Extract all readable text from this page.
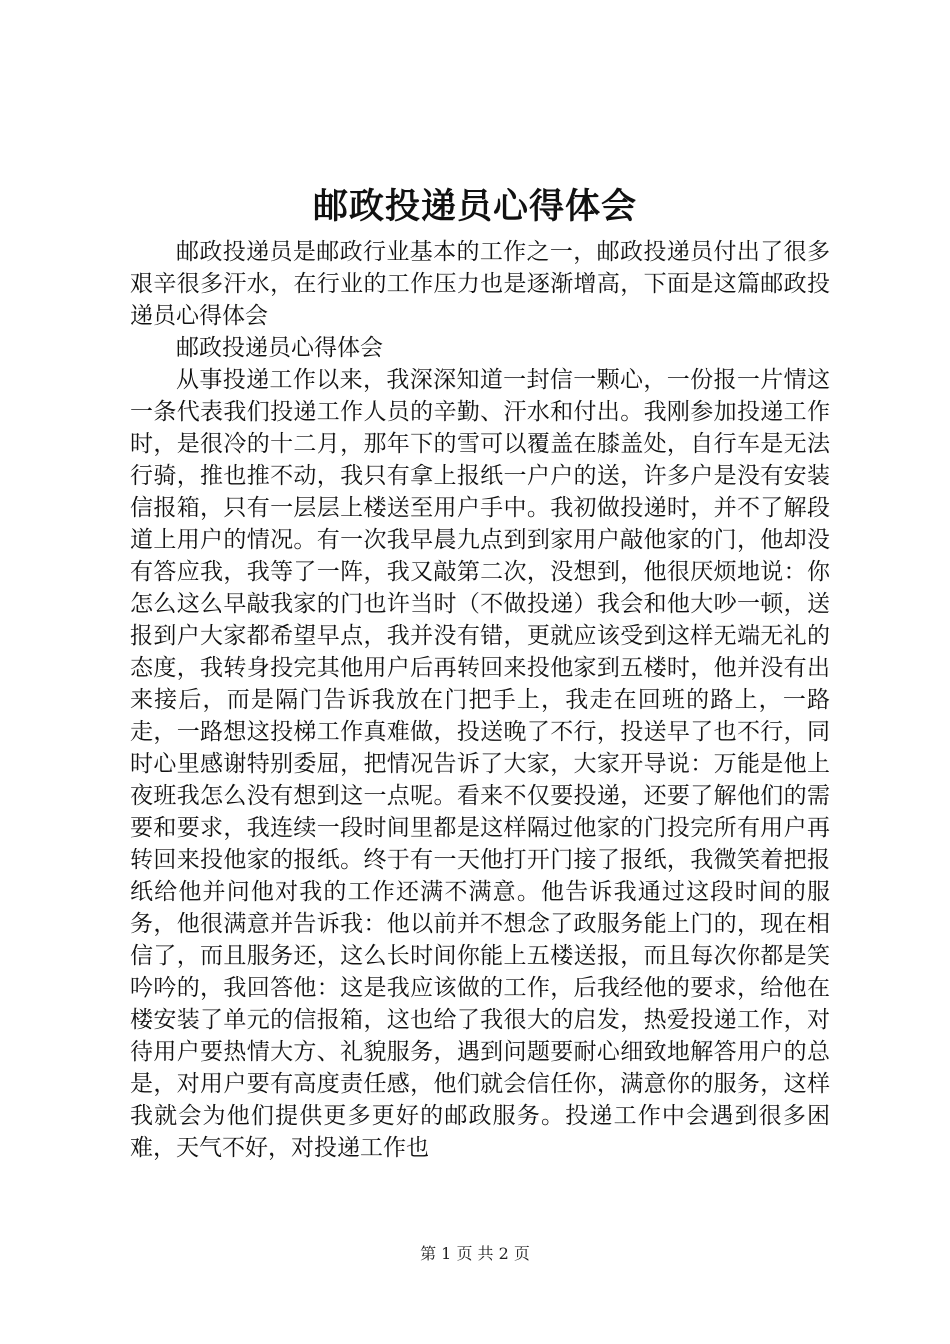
邮政投递员心得体会

邮政投递员是邮政行业基本的工作之一，邮政投递员付出了很多艰辛很多汗水，在行业的工作压力也是逐渐增高，下面是这篇邮政投递员心得体会

邮政投递员心得体会

从事投递工作以来，我深深知道一封信一颗心，一份报一片情这一条代表我们投递工作人员的辛勤、汗水和付出。我刚参加投递工作时，是很冷的十二月，那年下的雪可以覆盖在膝盖处，自行车是无法行骑，推也推不动，我只有拿上报纸一户户的送，许多户是没有安装信报箱，只有一层层上楼送至用户手中。我初做投递时，并不了解段道上用户的情况。有一次我早晨九点到到家用户敲他家的门，他却没有答应我，我等了一阵，我又敲第二次，没想到，他很厌烦地说：你怎么这么早敲我家的门也许当时（不做投递）我会和他大吵一顿，送报到户大家都希望早点，我并没有错，更就应该受到这样无端无礼的态度，我转身投完其他用户后再转回来投他家到五楼时，他并没有出来接后，而是隔门告诉我放在门把手上，我走在回班的路上，一路走，一路想这投梯工作真难做，投送晚了不行，投送早了也不行，同时心里感谢特别委屈，把情况告诉了大家，大家开导说：万能是他上夜班我怎么没有想到这一点呢。看来不仅要投递，还要了解他们的需要和要求，我连续一段时间里都是这样隔过他家的门投完所有用户再转回来投他家的报纸。终于有一天他打开门接了报纸，我微笑着把报纸给他并问他对我的工作还满不满意。他告诉我通过这段时间的服务，他很满意并告诉我：他以前并不想念了政服务能上门的，现在相信了，而且服务还，这么长时间你能上五楼送报，而且每次你都是笑吟吟的，我回答他：这是我应该做的工作，后我经他的要求，给他在楼安装了单元的信报箱，这也给了我很大的启发，热爱投递工作，对待用户要热情大方、礼貌服务，遇到问题要耐心细致地解答用户的总是，对用户要有高度责任感，他们就会信任你，满意你的服务，这样我就会为他们提供更多更好的邮政服务。投递工作中会遇到很多困难，天气不好，对投递工作也

第 1 页 共 2 页
